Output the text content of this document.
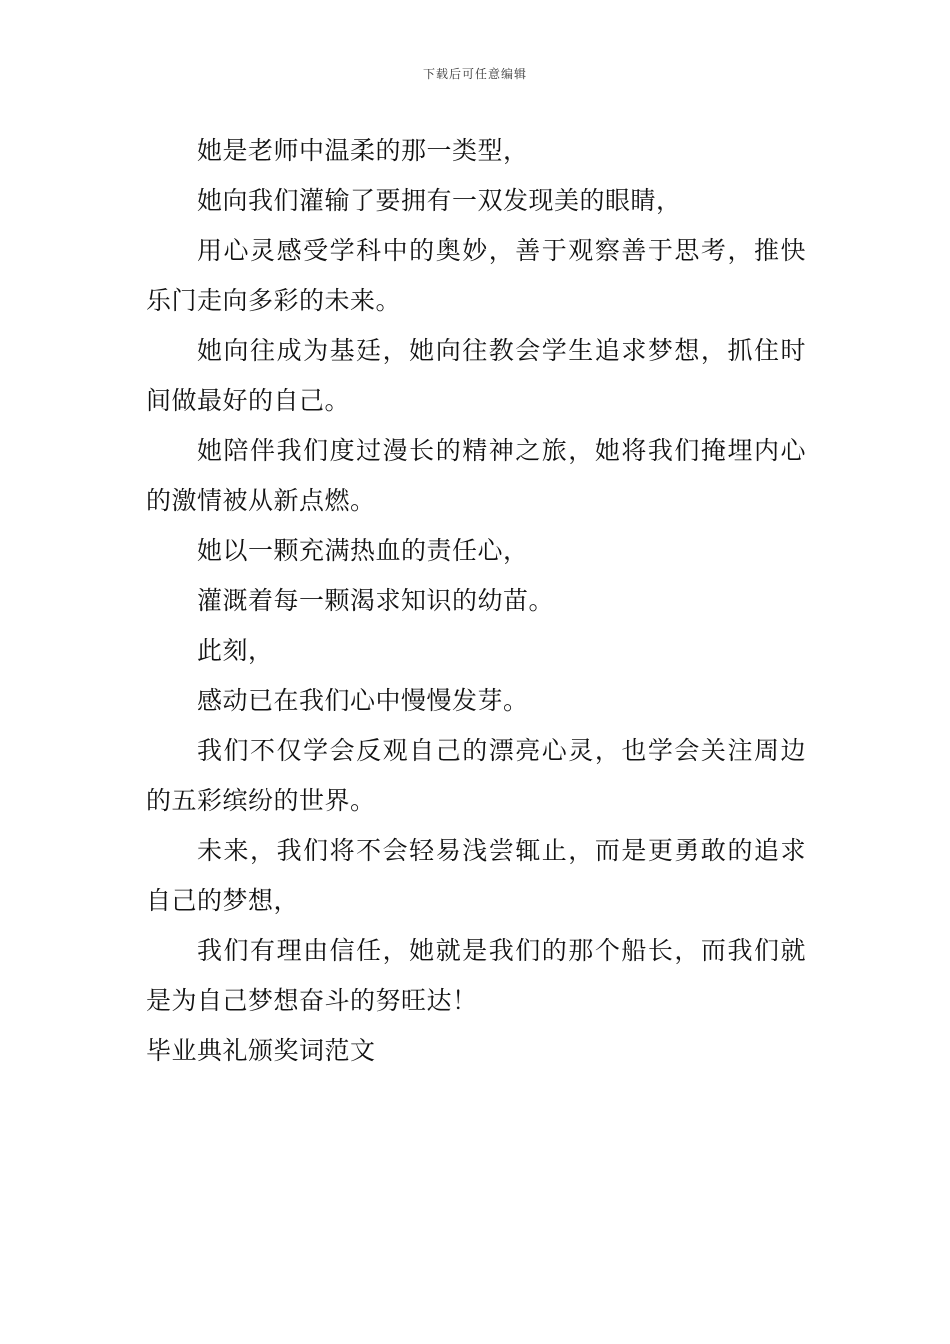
下载后可任意编辑

她是老师中温柔的那一类型，

她向我们灌输了要拥有一双发现美的眼睛，

用心灵感受学科中的奥妙，善于观察善于思考，推快乐门走向多彩的未来。

她向往成为基廷，她向往教会学生追求梦想，抓住时间做最好的自己。

她陪伴我们度过漫长的精神之旅，她将我们掩埋内心的激情被从新点燃。

她以一颗充满热血的责任心，

灌溉着每一颗渴求知识的幼苗。

此刻，

感动已在我们心中慢慢发芽。

我们不仅学会反观自己的漂亮心灵，也学会关注周边的五彩缤纷的世界。

未来，我们将不会轻易浅尝辄止，而是更勇敢的追求自己的梦想，

我们有理由信任，她就是我们的那个船长，而我们就是为自己梦想奋斗的努旺达！

毕业典礼颁奖词范文
